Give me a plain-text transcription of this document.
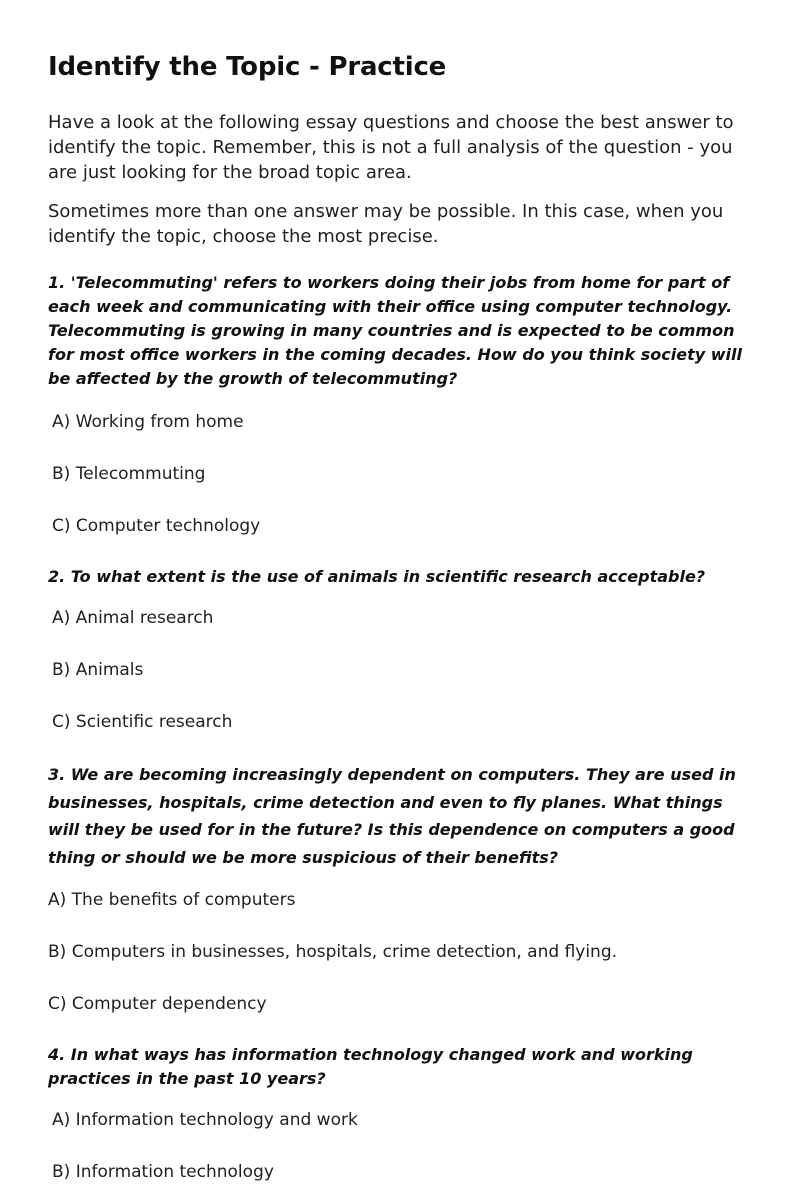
Identify the Topic - Practice

Have a look at the following essay questions and choose the best answer to identify the topic. Remember, this is not a full analysis of the question - you are just looking for the broad topic area.

Sometimes more than one answer may be possible. In this case, when you identify the topic, choose the most precise.

1. 'Telecommuting' refers to workers doing their jobs from home for part of each week and communicating with their office using computer technology. Telecommuting is growing in many countries and is expected to be common for most office workers in the coming decades. How do you think society will be affected by the growth of telecommuting?
A) Working from home
B) Telecommuting
C) Computer technology
2. To what extent is the use of animals in scientific research acceptable?
A) Animal research
B) Animals
C) Scientific research
3. We are becoming increasingly dependent on computers. They are used in businesses, hospitals, crime detection and even to fly planes. What things will they be used for in the future? Is this dependence on computers a good thing or should we be more suspicious of their benefits?
A) The benefits of computers
B) Computers in businesses, hospitals, crime detection, and flying.
C) Computer dependency
4. In what ways has information technology changed work and working practices in the past 10 years?
A) Information technology and work
B) Information technology
